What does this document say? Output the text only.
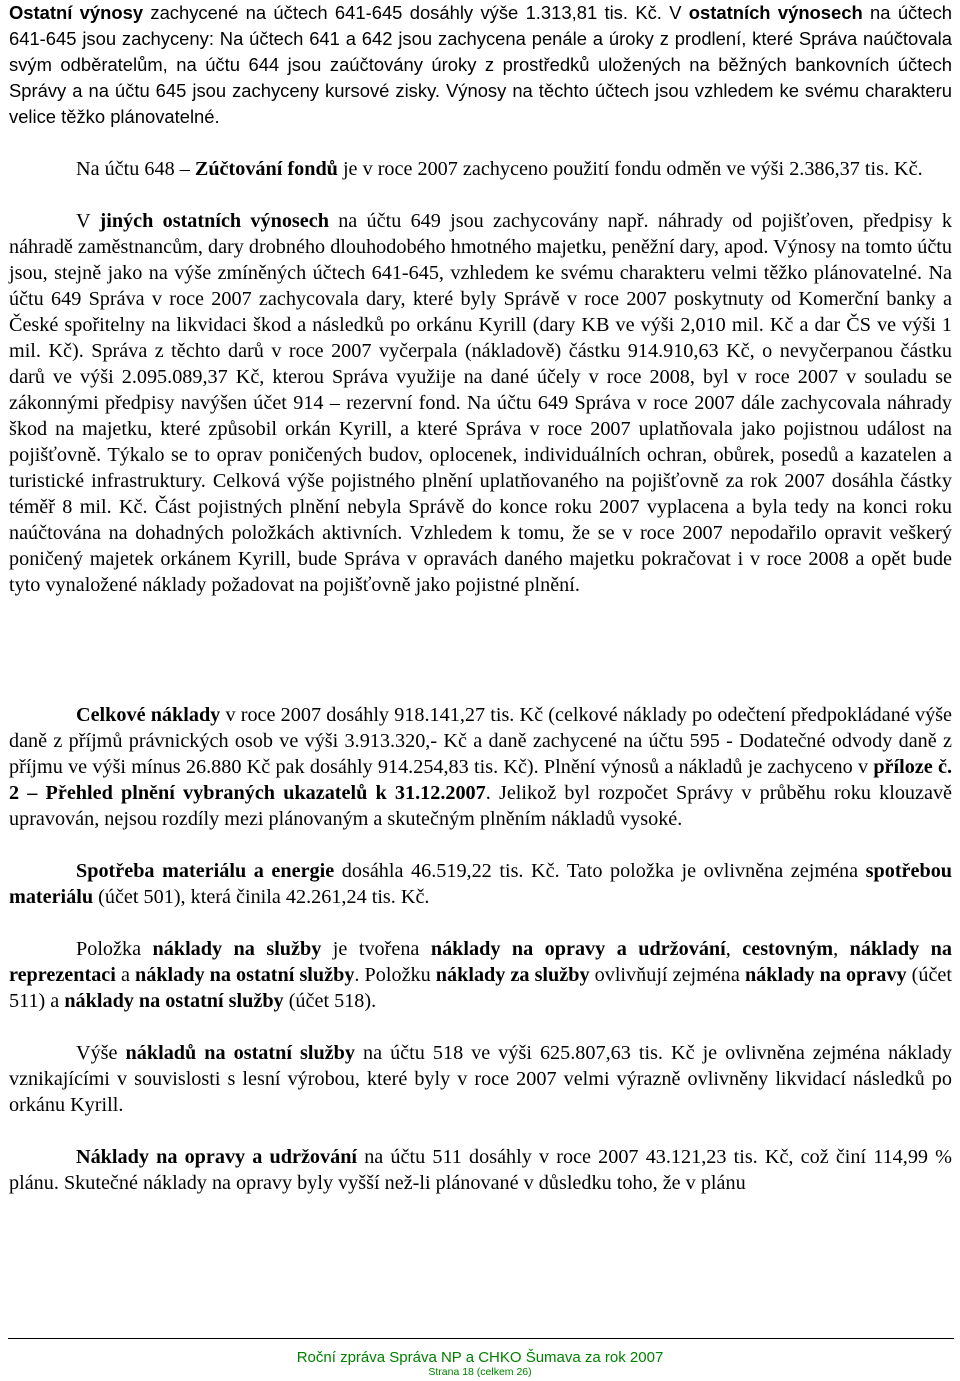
Ostatní výnosy zachycené na účtech 641-645 dosáhly výše 1.313,81 tis. Kč. V ostatních výnosech na účtech 641-645 jsou zachyceny: Na účtech 641 a 642 jsou zachycena penále a úroky z prodlení, které Správa naúčtovala svým odběratelům, na účtu 644 jsou zaúčtovány úroky z prostředků uložených na běžných bankovních účtech Správy a na účtu 645 jsou zachyceny kursové zisky. Výnosy na těchto účtech jsou vzhledem ke svému charakteru velice těžko plánovatelné.

Na účtu 648 – Zúčtování fondů je v roce 2007 zachyceno použití fondu odměn ve výši 2.386,37 tis. Kč.

V jiných ostatních výnosech na účtu 649 jsou zachycovány např. náhrady od pojišťoven, předpisy k náhradě zaměstnancům, dary drobného dlouhodobého hmotného majetku, peněžní dary, apod. Výnosy na tomto účtu jsou, stejně jako na výše zmíněných účtech 641-645, vzhledem ke svému charakteru velmi těžko plánovatelné. Na účtu 649 Správa v roce 2007 zachycovala dary, které byly Správě v roce 2007 poskytnuty od Komerční banky a České spořitelny na likvidaci škod a následků po orkánu Kyrill (dary KB ve výši 2,010 mil. Kč a dar ČS ve výši 1 mil. Kč). Správa z těchto darů v roce 2007 vyčerpala (nákladově) částku 914.910,63 Kč, o nevyčerpanou částku darů ve výši 2.095.089,37 Kč, kterou Správa využije na dané účely v roce 2008, byl v roce 2007 v souladu se zákonnými předpisy navýšen účet 914 – rezervní fond. Na účtu 649 Správa v roce 2007 dále zachycovala náhrady škod na majetku, které způsobil orkán Kyrill, a které Správa v roce 2007 uplatňovala jako pojistnou událost na pojišťovně. Týkalo se to oprav poničených budov, oplocenek, individuálních ochran, obůrek, posedů a kazatelen a turistické infrastruktury. Celková výše pojistného plnění uplatňovaného na pojišťovně za rok 2007 dosáhla částky téměř 8 mil. Kč. Část pojistných plnění nebyla Správě do konce roku 2007 vyplacena a byla tedy na konci roku naúčtována na dohadných položkách aktivních. Vzhledem k tomu, že se v roce 2007 nepodařilo opravit veškerý poničený majetek orkánem Kyrill, bude Správa v opravách daného majetku pokračovat i v roce 2008 a opět bude tyto vynaložené náklady požadovat na pojišťovně jako pojistné plnění.

Celkové náklady v roce 2007 dosáhly 918.141,27 tis. Kč (celkové náklady po odečtení předpokládané výše daně z příjmů právnických osob ve výši 3.913.320,- Kč a daně zachycené na účtu 595 - Dodatečné odvody daně z příjmu ve výši mínus 26.880 Kč pak dosáhly 914.254,83 tis. Kč). Plnění výnosů a nákladů je zachyceno v příloze č. 2 – Přehled plnění vybraných ukazatelů k 31.12.2007. Jelikož byl rozpočet Správy v průběhu roku klouzavě upravován, nejsou rozdíly mezi plánovaným a skutečným plněním nákladů vysoké.

Spotřeba materiálu a energie dosáhla 46.519,22 tis. Kč. Tato položka je ovlivněna zejména spotřebou materiálu (účet 501), která činila 42.261,24 tis. Kč.

Položka náklady na služby je tvořena náklady na opravy a udržování, cestovným, náklady na reprezentaci a náklady na ostatní služby. Položku náklady za služby ovlivňují zejména náklady na opravy (účet 511) a náklady na ostatní služby (účet 518).

Výše nákladů na ostatní služby na účtu 518 ve výši 625.807,63 tis. Kč je ovlivněna zejména náklady vznikajícími v souvislosti s lesní výrobou, které byly v roce 2007 velmi výrazně ovlivněny likvidací následků po orkánu Kyrill.

Náklady na opravy a udržování na účtu 511 dosáhly v roce 2007 43.121,23 tis. Kč, což činí 114,99 % plánu. Skutečné náklady na opravy byly vyšší než-li plánované v důsledku toho, že v plánu

Roční zpráva Správa NP a CHKO Šumava za rok 2007
Strana 18 (celkem 26)
